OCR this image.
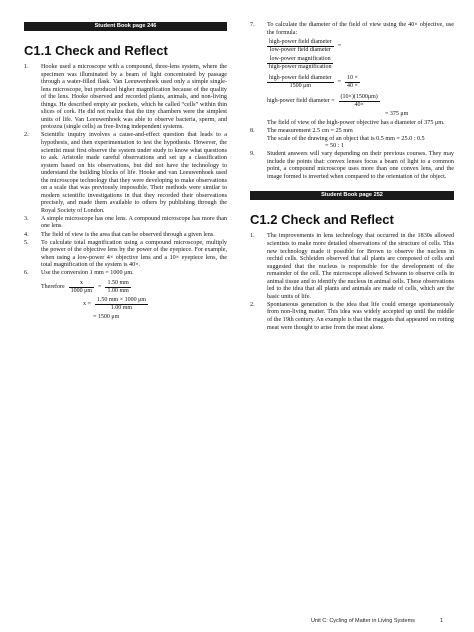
Student Book page 246
C1.1 Check and Reflect
1. Hooke used a microscope with a compound, three-lens system, where the specimen was illuminated by a beam of light concentrated by passage through a water-filled flask. Van Leeuwenhoek used only a simple single-lens microscope, but produced higher magnification because of the quality of the lens. Hooke observed and recorded plants, animals, and non-living things. He described empty air pockets, which he called “cells” within thin slices of cork. He did not realize that the tiny chambers were the simplest units of life. Van Leeuwenhoek was able to observe bacteria, sperm, and protozoa (single cells) as free-living independent systems.
2. Scientific inquiry involves a cause-and-effect question that leads to a hypothesis, and then experimentation to test the hypothesis. However, the scientist must first observe the system under study to know what questions to ask. Aristotle made careful observations and set up a classification system based on his observations, but did not have the technology to understand the building blocks of life. Hooke and van Leeuwenhoek used the microscope technology that they were developing to make observations on a scale that was previously impossible. Their methods were similar to modern scientific investigations in that they recorded their observations precisely, and made them available to others by publishing through the Royal Society of London.
3. A simple microscope has one lens. A compound microscope has more than one lens.
4. The field of view is the area that can be observed through a given lens.
5. To calculate total magnification using a compound microscope, multiply the power of the objective lens by the power of the eyepiece. For example, when using a low-power 4× objective lens and a 10× eyepiece lens, the total magnification of the system is 40×.
6. Use the conversion 1 mm = 1000 μm.
Therefore $\frac{x}{1000 \mu m} = \frac{1.50 mm}{1.00 mm}$
$x = \frac{1.50 mm \times 1000 \mu m}{1.00 mm}$
= 1500 μm
7. To calculate the diameter of the field of view using the 40× objective, use the formula:
$\frac{\text{high-power field diameter}}{\text{low-power field diameter}}$ =
$\frac{\text{low-power magnification}}{\text{high-power magnification}}$
$\frac{\text{high-power field diameter}}{1500 \mu m} = \frac{10 \times}{40 \times}$
high-power field diameter = $\frac{(10\times)(1500\mu m)}{40\times}$
= 375 μm
The field of view of the high-power objective has a diameter of 375 μm.
8. The measurement 2.5 cm = 25 mm
The scale of the drawing of an object that is 0.5 mm = 25.0 : 0.5
= 50 : 1
9. Student answers will vary depending on their previous courses. They may include the points that: convex lenses focus a beam of light to a common point, a compound microscope uses more than one convex lens, and the image formed is inverted when compared to the orientation of the object.
Student Book page 252
C1.2 Check and Reflect
1. The improvements in lens technology that occurred in the 1830s allowed scientists to make more detailed observations of the structure of cells. This new technology made it possible for Brown to observe the nucleus in orchid cells. Schleiden observed that all plants are composed of cells and suggested that the nucleus is responsible for the development of the remainder of the cell. The microscope allowed Schwann to observe cells in animal tissue and to identify the nucleus in animal cells. These observations led to the idea that all plants and animals are made of cells, which are the basic units of life.
2. Spontaneous generation is the idea that life could emerge spontaneously from non-living matter. This idea was widely accepted up until the middle of the 19th century. An example is that the maggots that appeared on rotting meat were thought to arise from the meat alone.
Unit C: Cycling of Matter in Living Systems	1
